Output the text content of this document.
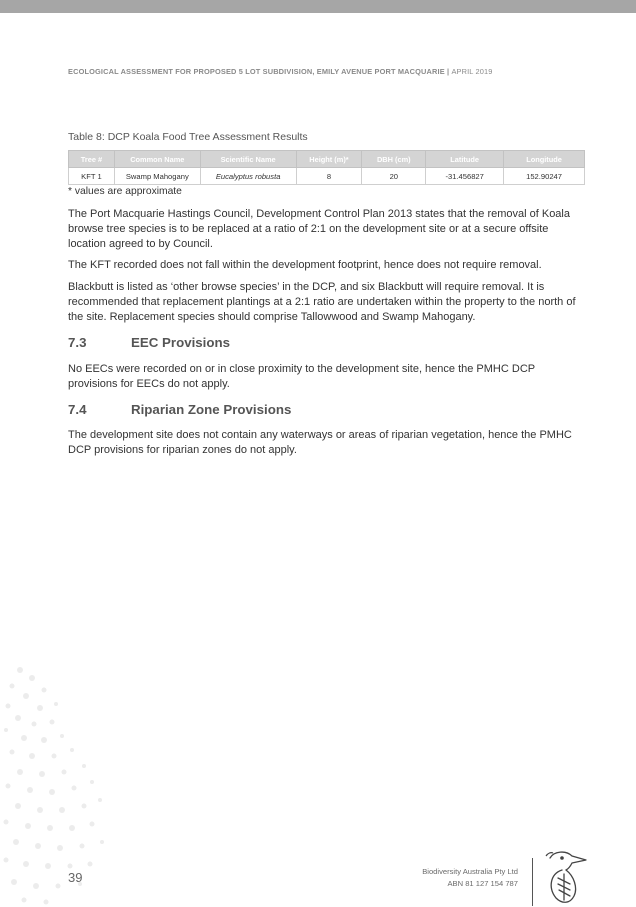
ECOLOGICAL ASSESSMENT FOR PROPOSED 5 LOT SUBDIVISION, EMILY AVENUE PORT MACQUARIE | APRIL 2019
Table 8: DCP Koala Food Tree Assessment Results
Tree #	Common Name	Scientific Name	Height (m)*	DBH (cm)	Latitude	Longitude
KFT 1	Swamp Mahogany	Eucalyptus robusta	8	20	-31.456827	152.90247
* values are approximate

The Port Macquarie Hastings Council, Development Control Plan 2013 states that the removal of Koala browse tree species is to be replaced at a ratio of 2:1 on the development site or at a secure offsite location agreed to by Council.

The KFT recorded does not fall within the development footprint, hence does not require removal.

Blackbutt is listed as ‘other browse species’ in the DCP, and six Blackbutt will require removal. It is recommended that replacement plantings at a 2:1 ratio are undertaken within the property to the north of the site. Replacement species should comprise Tallowwood and Swamp Mahogany.

7.3	EEC Provisions

No EECs were recorded on or in close proximity to the development site, hence the PMHC DCP provisions for EECs do not apply.

7.4	Riparian Zone Provisions

The development site does not contain any waterways or areas of riparian vegetation, hence the PMHC DCP provisions for riparian zones do not apply.

39	Biodiversity Australia Pty Ltd
ABN 81 127 154 787
